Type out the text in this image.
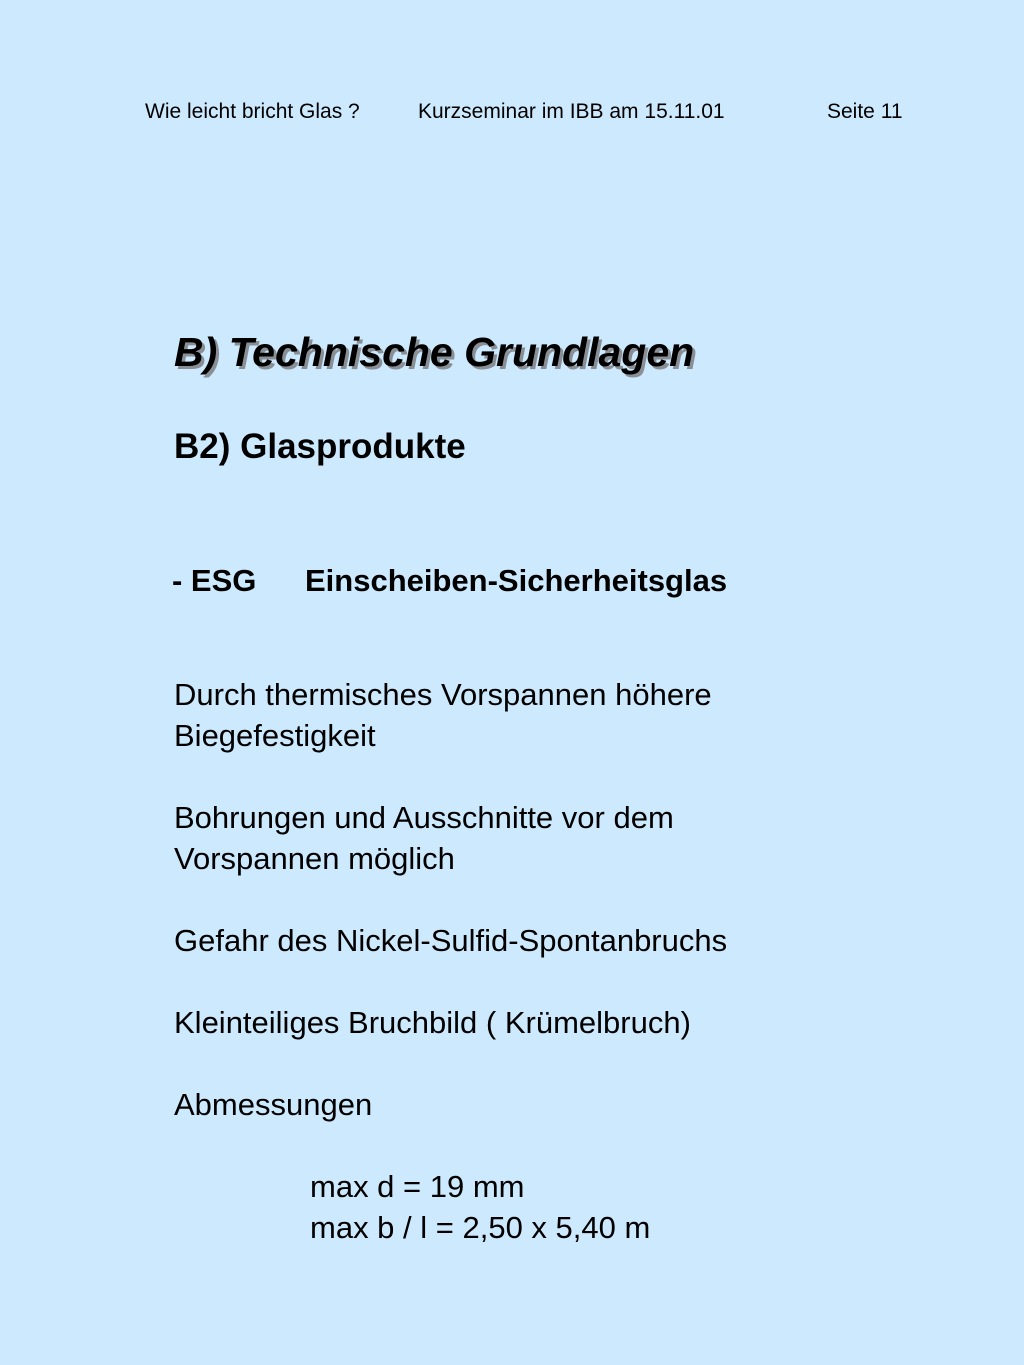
Wie leicht bricht Glas ?	Kurzseminar im IBB am 15.11.01	Seite 11
B) Technische Grundlagen
B2) Glasprodukte
- ESG Einscheiben-Sicherheitsglas
Durch thermisches Vorspannen höhere
Biegefestigkeit
Bohrungen und Ausschnitte vor dem
Vorspannen möglich
Gefahr des Nickel-Sulfid-Spontanbruchs
Kleinteiliges Bruchbild ( Krümelbruch)
Abmessungen
max d = 19 mm
max b / l = 2,50 x 5,40 m
